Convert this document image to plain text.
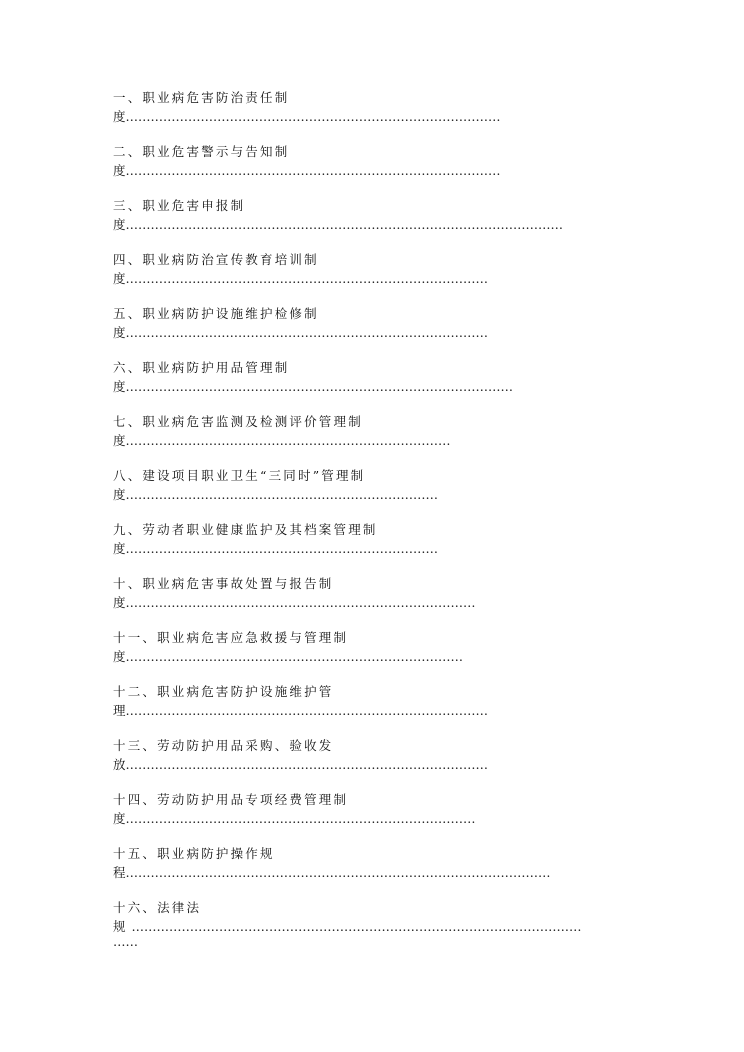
一、职业病危害防治责任制
度………………………………………………………………………………
二、职业危害警示与告知制
度………………………………………………………………………………
三、职业危害申报制
度……………………………………………………………………………………………
四、职业病防治宣传教育培训制
度……………………………………………………………………………
五、职业病防护设施维护检修制
度……………………………………………………………………………
六、职业病防护用品管理制
度…………………………………………………………………………………
七、职业病危害监测及检测评价管理制
度……………………………………………………………………
八、建设项目职业卫生“三同时”管理制
度…………………………………………………………………
九、劳动者职业健康监护及其档案管理制
度…………………………………………………………………
十、职业病危害事故处置与报告制
度…………………………………………………………………………
十一、职业病危害应急救援与管理制
度………………………………………………………………………
十二、职业病危害防护设施维护管
理……………………………………………………………………………
十三、劳动防护用品采购、验收发
放……………………………………………………………………………
十四、劳动防护用品专项经费管理制
度…………………………………………………………………………
十五、职业病防护操作规
程…………………………………………………………………………………………
十六、法律法
规 ………………………………………………………………………………………………
……
